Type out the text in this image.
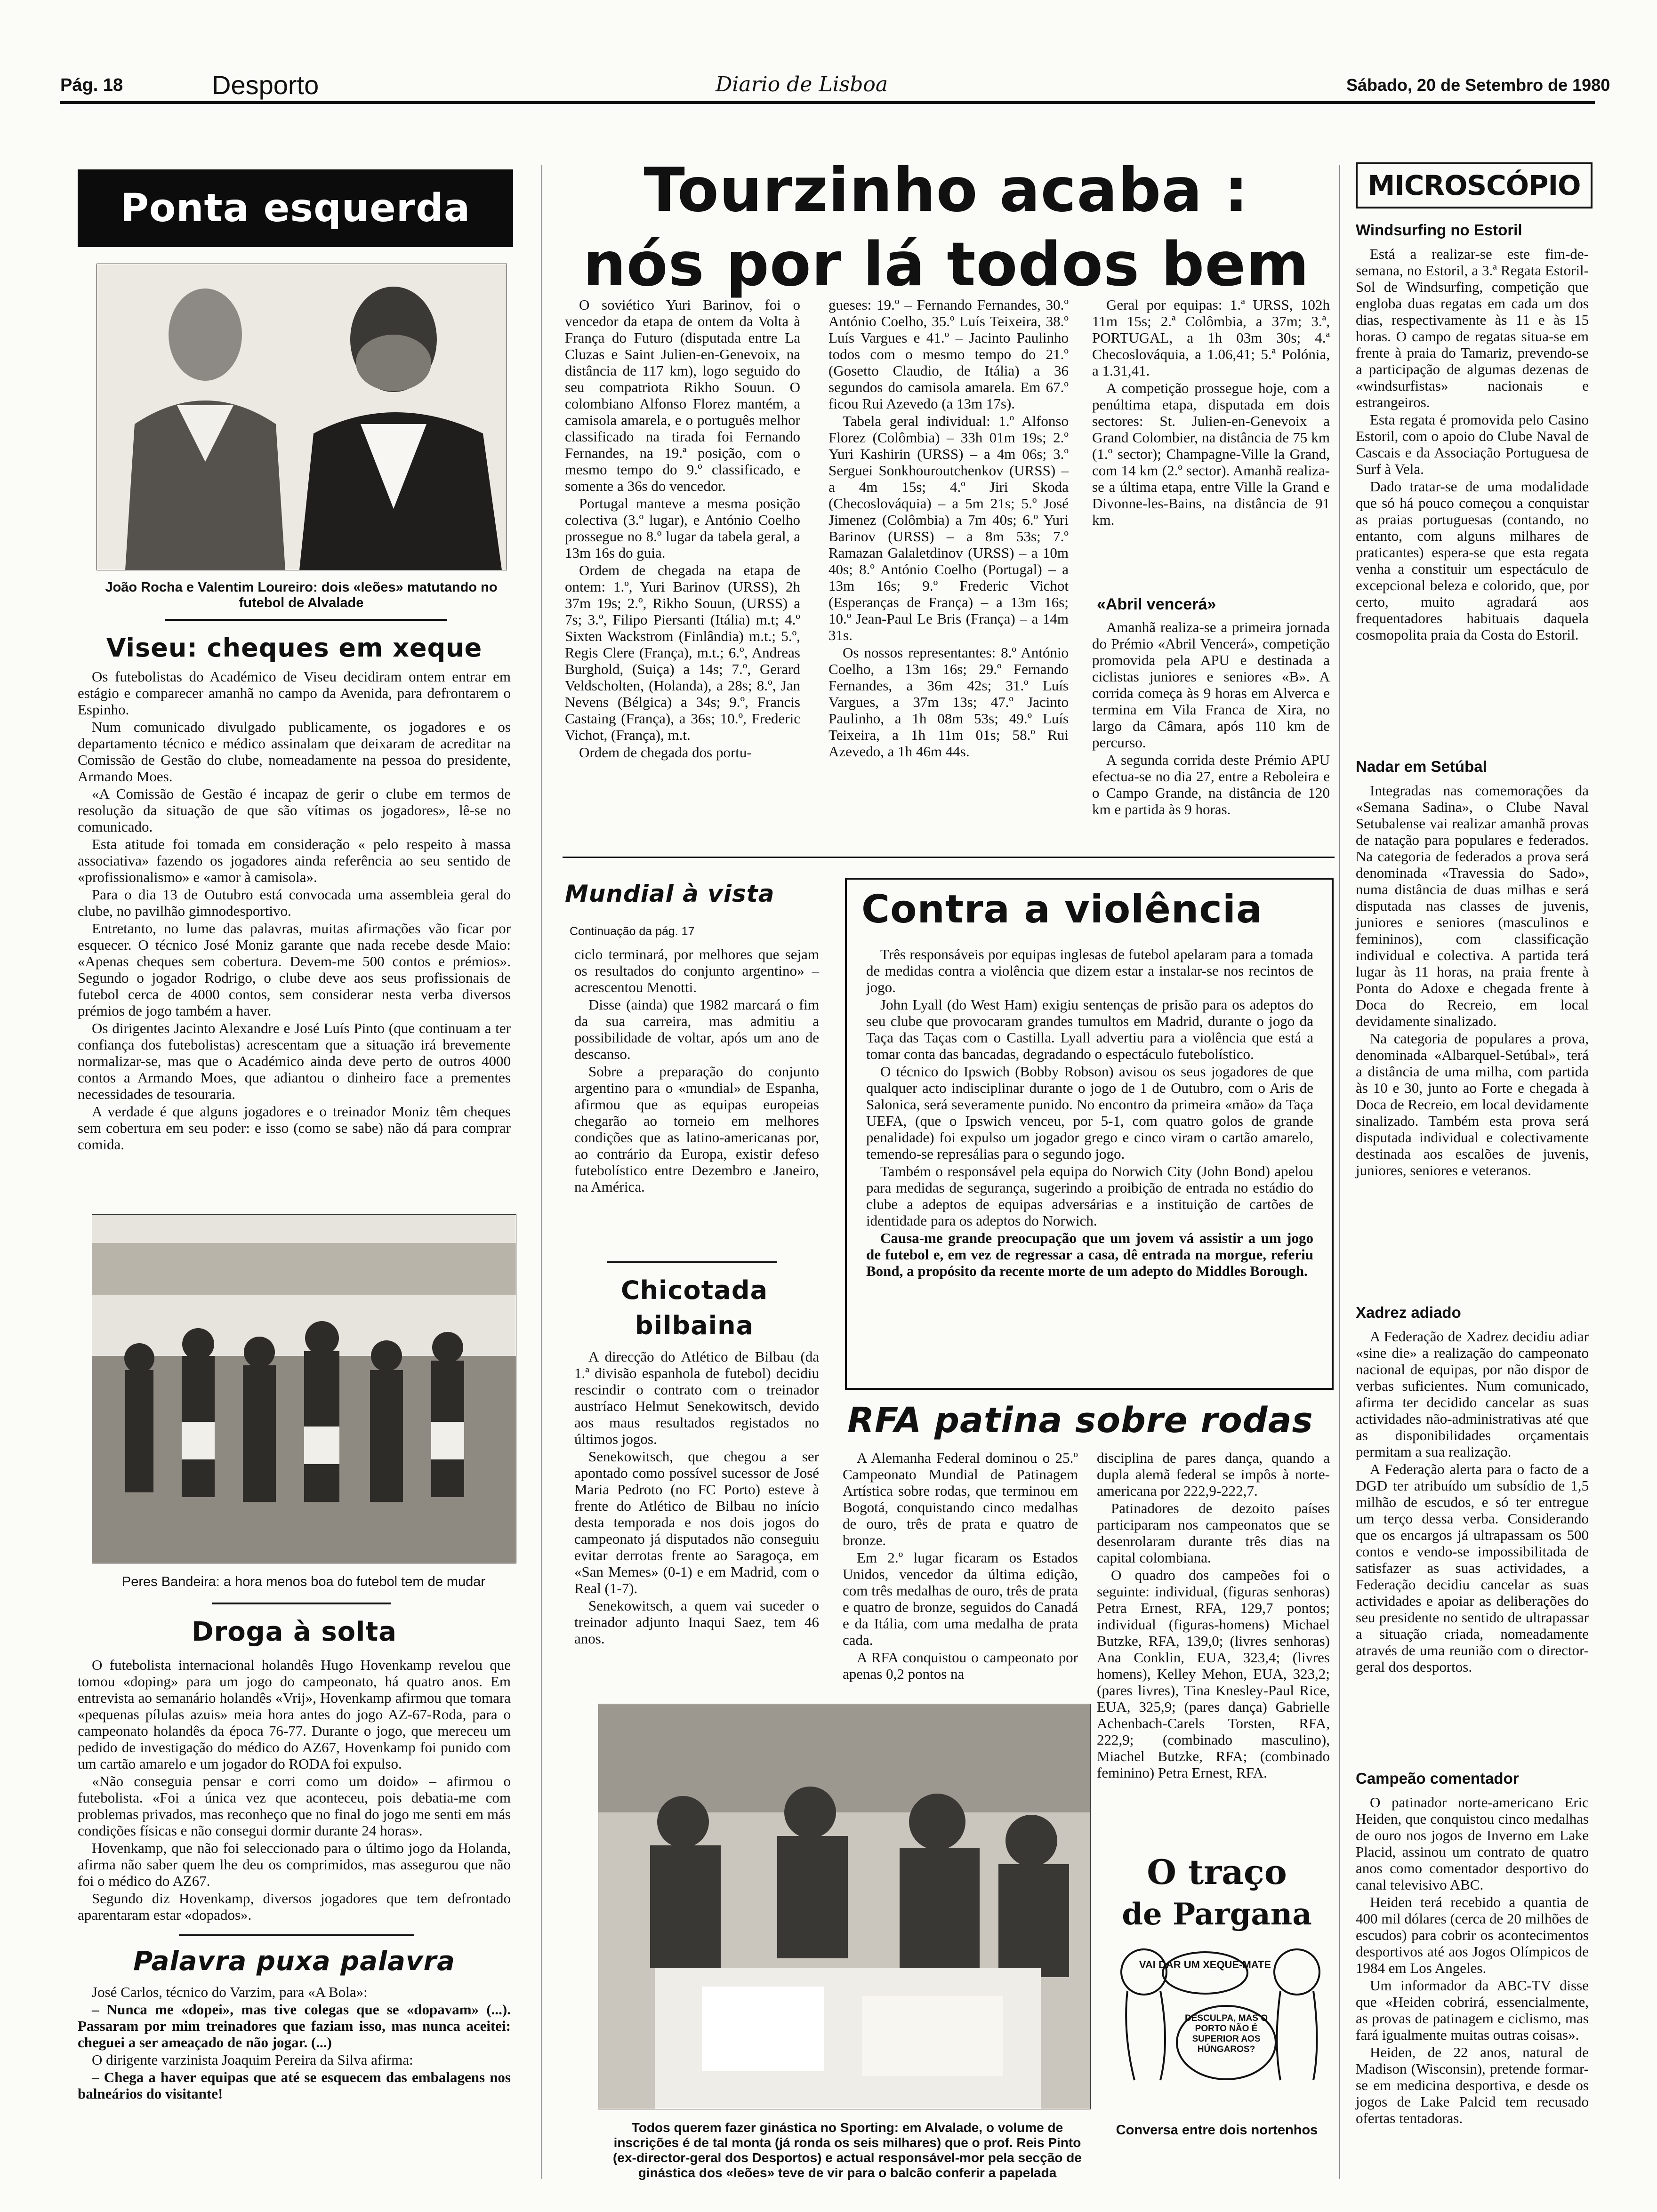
Pág. 18	Desporto	Diario de Lisboa	Sábado, 20 de Setembro de 1980
Ponta esquerda
João Rocha e Valentim Loureiro: dois «leões» matutando no futebol de Alvalade
Viseu: cheques em xeque

Os futebolistas do Académico de Viseu decidiram ontem entrar em estágio e comparecer amanhã no campo da Avenida, para defrontarem o Espinho.

Num comunicado divulgado publicamente, os jogadores e os departamento técnico e médico assinalam que deixaram de acreditar na Comissão de Gestão do clube, nomeadamente na pessoa do presidente, Armando Moes.

«A Comissão de Gestão é incapaz de gerir o clube em termos de resolução da situação de que são vítimas os jogadores», lê-se no comunicado.

Esta atitude foi tomada em consideração « pelo respeito à massa associativa» fazendo os jogadores ainda referência ao seu sentido de «profissionalismo» e «amor à camisola».

Para o dia 13 de Outubro está convocada uma assembleia geral do clube, no pavilhão gimnodesportivo.

Entretanto, no lume das palavras, muitas afirmações vão ficar por esquecer. O técnico José Moniz garante que nada recebe desde Maio: «Apenas cheques sem cobertura. Devem-me 500 contos e prémios». Segundo o jogador Rodrigo, o clube deve aos seus profissionais de futebol cerca de 4000 contos, sem considerar nesta verba diversos prémios de jogo também a haver.

Os dirigentes Jacinto Alexandre e José Luís Pinto (que continuam a ter confiança dos futebolistas) acrescentam que a situação irá brevemente normalizar-se, mas que o Académico ainda deve perto de outros 4000 contos a Armando Moes, que adiantou o dinheiro face a prementes necessidades de tesouraria.

A verdade é que alguns jogadores e o treinador Moniz têm cheques sem cobertura em seu poder: e isso (como se sabe) não dá para comprar comida.

Peres Bandeira: a hora menos boa do futebol tem de mudar
Droga à solta

O futebolista internacional holandês Hugo Hovenkamp revelou que tomou «doping» para um jogo do campeonato, há quatro anos. Em entrevista ao semanário holandês «Vrij», Hovenkamp afirmou que tomara «pequenas pílulas azuis» meia hora antes do jogo AZ-67-Roda, para o campeonato holandês da época 76-77. Durante o jogo, que mereceu um pedido de investigação do médico do AZ67, Hovenkamp foi punido com um cartão amarelo e um jogador do RODA foi expulso.

«Não conseguia pensar e corri como um doido» – afirmou o futebolista. «Foi a única vez que aconteceu, pois debatia-me com problemas privados, mas reconheço que no final do jogo me senti em más condições físicas e não consegui dormir durante 24 horas».

Hovenkamp, que não foi seleccionado para o último jogo da Holanda, afirma não saber quem lhe deu os comprimidos, mas assegurou que não foi o médico do AZ67.

Segundo diz Hovenkamp, diversos jogadores que tem defrontado aparentaram estar «dopados».

Palavra puxa palavra

José Carlos, técnico do Varzim, para «A Bola»:

– Nunca me «dopei», mas tive colegas que se «dopavam» (...). Passaram por mim treinadores que faziam isso, mas nunca aceitei: cheguei a ser ameaçado de não jogar. (...)

O dirigente varzinista Joaquim Pereira da Silva afirma:

– Chega a haver equipas que até se esquecem das embalagens nos balneários do visitante!

Tourzinho acaba :
nós por lá todos bem

O soviético Yuri Barinov, foi o vencedor da etapa de ontem da Volta à França do Futuro (disputada entre La Cluzas e Saint Julien-en-Genevoix, na distância de 117 km), logo seguido do seu compatriota Rikho Souun. O colombiano Alfonso Florez mantém, a camisola amarela, e o português melhor classificado na tirada foi Fernando Fernandes, na 19.ª posição, com o mesmo tempo do 9.º classificado, e somente a 36s do vencedor.

Portugal manteve a mesma posição colectiva (3.º lugar), e António Coelho prossegue no 8.º lugar da tabela geral, a 13m 16s do guia.

Ordem de chegada na etapa de ontem: 1.º, Yuri Barinov (URSS), 2h 37m 19s; 2.º, Rikho Souun, (URSS) a 7s; 3.º, Filipo Piersanti (Itália) m.t; 4.º Sixten Wackstrom (Finlândia) m.t.; 5.º, Regis Clere (França), m.t.; 6.º, Andreas Burghold, (Suiça) a 14s; 7.º, Gerard Veldscholten, (Holanda), a 28s; 8.º, Jan Nevens (Bélgica) a 34s; 9.º, Francis Castaing (França), a 36s; 10.º, Frederic Vichot, (França), m.t.

Ordem de chegada dos portu-

gueses: 19.º – Fernando Fernandes, 30.º António Coelho, 35.º Luís Teixeira, 38.º Luís Vargues e 41.º – Jacinto Paulinho todos com o mesmo tempo do 21.º (Gosetto Claudio, de Itália) a 36 segundos do camisola amarela. Em 67.º ficou Rui Azevedo (a 13m 17s).

Tabela geral individual: 1.º Alfonso Florez (Colômbia) – 33h 01m 19s; 2.º Yuri Kashirin (URSS) – a 4m 06s; 3.º Serguei Sonkhouroutchenkov (URSS) – a 4m 15s; 4.º Jiri Skoda (Checoslováquia) – a 5m 21s; 5.º José Jimenez (Colômbia) a 7m 40s; 6.º Yuri Barinov (URSS) – a 8m 53s; 7.º Ramazan Galaletdinov (URSS) – a 10m 40s; 8.º António Coelho (Portugal) – a 13m 16s; 9.º Frederic Vichot (Esperanças de França) – a 13m 16s; 10.º Jean-Paul Le Bris (França) – a 14m 31s.

Os nossos representantes: 8.º António Coelho, a 13m 16s; 29.º Fernando Fernandes, a 36m 42s; 31.º Luís Vargues, a 37m 13s; 47.º Jacinto Paulinho, a 1h 08m 53s; 49.º Luís Teixeira, a 1h 11m 01s; 58.º Rui Azevedo, a 1h 46m 44s.

Geral por equipas: 1.ª URSS, 102h 11m 15s; 2.ª Colômbia, a 37m; 3.ª, PORTUGAL, a 1h 03m 30s; 4.ª Checoslováquia, a 1.06,41; 5.ª Polónia, a 1.31,41.

A competição prossegue hoje, com a penúltima etapa, disputada em dois sectores: St. Julien-en-Genevoix a Grand Colombier, na distância de 75 km (1.º sector); Champagne-Ville la Grand, com 14 km (2.º sector). Amanhã realiza-se a última etapa, entre Ville la Grand e Divonne-les-Bains, na distância de 91 km.

«Abril vencerá»

Amanhã realiza-se a primeira jornada do Prémio «Abril Vencerá», competição promovida pela APU e destinada a ciclistas juniores e seniores «B». A corrida começa às 9 horas em Alverca e termina em Vila Franca de Xira, no largo da Câmara, após 110 km de percurso.

A segunda corrida deste Prémio APU efectua-se no dia 27, entre a Reboleira e o Campo Grande, na distância de 120 km e partida às 9 horas.

Mundial à vista
Continuação da pág. 17

ciclo terminará, por melhores que sejam os resultados do conjunto argentino» – acrescentou Menotti.

Disse (ainda) que 1982 marcará o fim da sua carreira, mas admitiu a possibilidade de voltar, após um ano de descanso.

Sobre a preparação do conjunto argentino para o «mundial» de Espanha, afirmou que as equipas europeias chegarão ao torneio em melhores condições que as latino-americanas por, ao contrário da Europa, existir defeso futebolístico entre Dezembro e Janeiro, na América.

Chicotada
bilbaina

A direcção do Atlético de Bilbau (da 1.ª divisão espanhola de futebol) decidiu rescindir o contrato com o treinador austríaco Helmut Senekowitsch, devido aos maus resultados registados no últimos jogos.

Senekowitsch, que chegou a ser apontado como possível sucessor de José Maria Pedroto (no FC Porto) esteve à frente do Atlético de Bilbau no início desta temporada e nos dois jogos do campeonato já disputados não conseguiu evitar derrotas frente ao Saragoça, em «San Memes» (0-1) e em Madrid, com o Real (1-7).

Senekowitsch, a quem vai suceder o treinador adjunto Inaqui Saez, tem 46 anos.

Contra a violência

Três responsáveis por equipas inglesas de futebol apelaram para a tomada de medidas contra a violência que dizem estar a instalar-se nos recintos de jogo.

John Lyall (do West Ham) exigiu sentenças de prisão para os adeptos do seu clube que provocaram grandes tumultos em Madrid, durante o jogo da Taça das Taças com o Castilla. Lyall advertiu para a violência que está a tomar conta das bancadas, degradando o espectáculo futebolístico.

O técnico do Ipswich (Bobby Robson) avisou os seus jogadores de que qualquer acto indisciplinar durante o jogo de 1 de Outubro, com o Aris de Salonica, será severamente punido. No encontro da primeira «mão» da Taça UEFA, (que o Ipswich venceu, por 5-1, com quatro golos de grande penalidade) foi expulso um jogador grego e cinco viram o cartão amarelo, temendo-se represálias para o segundo jogo.

Também o responsável pela equipa do Norwich City (John Bond) apelou para medidas de segurança, sugerindo a proibição de entrada no estádio do clube a adeptos de equipas adversárias e a instituição de cartões de identidade para os adeptos do Norwich.

Causa-me grande preocupação que um jovem vá assistir a um jogo de futebol e, em vez de regressar a casa, dê entrada na morgue, referiu Bond, a propósito da recente morte de um adepto do Middles Borough.

RFA patina sobre rodas

A Alemanha Federal dominou o 25.º Campeonato Mundial de Patinagem Artística sobre rodas, que terminou em Bogotá, conquistando cinco medalhas de ouro, três de prata e quatro de bronze.

Em 2.º lugar ficaram os Estados Unidos, vencedor da última edição, com três medalhas de ouro, três de prata e quatro de bronze, seguidos do Canadá e da Itália, com uma medalha de prata cada.

A RFA conquistou o campeonato por apenas 0,2 pontos na

disciplina de pares dança, quando a dupla alemã federal se impôs à norte-americana por 222,9-222,7.

Patinadores de dezoito países participaram nos campeonatos que se desenrolaram durante três dias na capital colombiana.

O quadro dos campeões foi o seguinte: individual, (figuras senhoras) Petra Ernest, RFA, 129,7 pontos; individual (figuras-homens) Michael Butzke, RFA, 139,0; (livres senhoras) Ana Conklin, EUA, 323,4; (livres homens), Kelley Mehon, EUA, 323,2; (pares livres), Tina Knesley-Paul Rice, EUA, 325,9; (pares dança) Gabrielle Achenbach-Carels Torsten, RFA, 222,9; (combinado masculino), Miachel Butzke, RFA; (combinado feminino) Petra Ernest, RFA.

Todos querem fazer ginástica no Sporting: em Alvalade, o volume de inscrições é de tal monta (já ronda os seis milhares) que o prof. Reis Pinto (ex-director-geral dos Desportos) e actual responsável-mor pela secção de ginástica dos «leões» teve de vir para o balcão conferir a papelada
O traço
de Pargana
VAI DAR UM XEQUE-MATE
DESCULPA, MAS O PORTO NÃO É SUPERIOR AOS HÚNGAROS?
Conversa entre dois nortenhos
MICROSCÓPIO
Windsurfing no Estoril

Está a realizar-se este fim-de-semana, no Estoril, a 3.ª Regata Estoril-Sol de Windsurfing, competição que engloba duas regatas em cada um dos dias, respectivamente às 11 e às 15 horas. O campo de regatas situa-se em frente à praia do Tamariz, prevendo-se a participação de algumas dezenas de «windsurfistas» nacionais e estrangeiros.

Esta regata é promovida pelo Casino Estoril, com o apoio do Clube Naval de Cascais e da Associação Portuguesa de Surf à Vela.

Dado tratar-se de uma modalidade que só há pouco começou a conquistar as praias portuguesas (contando, no entanto, com alguns milhares de praticantes) espera-se que esta regata venha a constituir um espectáculo de excepcional beleza e colorido, que, por certo, muito agradará aos frequentadores habituais daquela cosmopolita praia da Costa do Estoril.

Nadar em Setúbal

Integradas nas comemorações da «Semana Sadina», o Clube Naval Setubalense vai realizar amanhã provas de natação para populares e federados. Na categoria de federados a prova será denominada «Travessia do Sado», numa distância de duas milhas e será disputada nas classes de juvenis, juniores e seniores (masculinos e femininos), com classificação individual e colectiva. A partida terá lugar às 11 horas, na praia frente à Ponta do Adoxe e chegada frente à Doca do Recreio, em local devidamente sinalizado.

Na categoria de populares a prova, denominada «Albarquel-Setúbal», terá a distância de uma milha, com partida às 10 e 30, junto ao Forte e chegada à Doca de Recreio, em local devidamente sinalizado. Também esta prova será disputada individual e colectivamente destinada aos escalões de juvenis, juniores, seniores e veteranos.

Xadrez adiado

A Federação de Xadrez decidiu adiar «sine die» a realização do campeonato nacional de equipas, por não dispor de verbas suficientes. Num comunicado, afirma ter decidido cancelar as suas actividades não-administrativas até que as disponibilidades orçamentais permitam a sua realização.

A Federação alerta para o facto de a DGD ter atribuído um subsídio de 1,5 milhão de escudos, e só ter entregue um terço dessa verba. Considerando que os encargos já ultrapassam os 500 contos e vendo-se impossibilitada de satisfazer as suas actividades, a Federação decidiu cancelar as suas actividades e apoiar as deliberações do seu presidente no sentido de ultrapassar a situação criada, nomeadamente através de uma reunião com o director-geral dos desportos.

Campeão comentador

O patinador norte-americano Eric Heiden, que conquistou cinco medalhas de ouro nos jogos de Inverno em Lake Placid, assinou um contrato de quatro anos como comentador desportivo do canal televisivo ABC.

Heiden terá recebido a quantia de 400 mil dólares (cerca de 20 milhões de escudos) para cobrir os acontecimentos desportivos até aos Jogos Olímpicos de 1984 em Los Angeles.

Um informador da ABC-TV disse que «Heiden cobrirá, essencialmente, as provas de patinagem e ciclismo, mas fará igualmente muitas outras coisas».

Heiden, de 22 anos, natural de Madison (Wisconsin), pretende formar-se em medicina desportiva, e desde os jogos de Lake Palcid tem recusado ofertas tentadoras.
